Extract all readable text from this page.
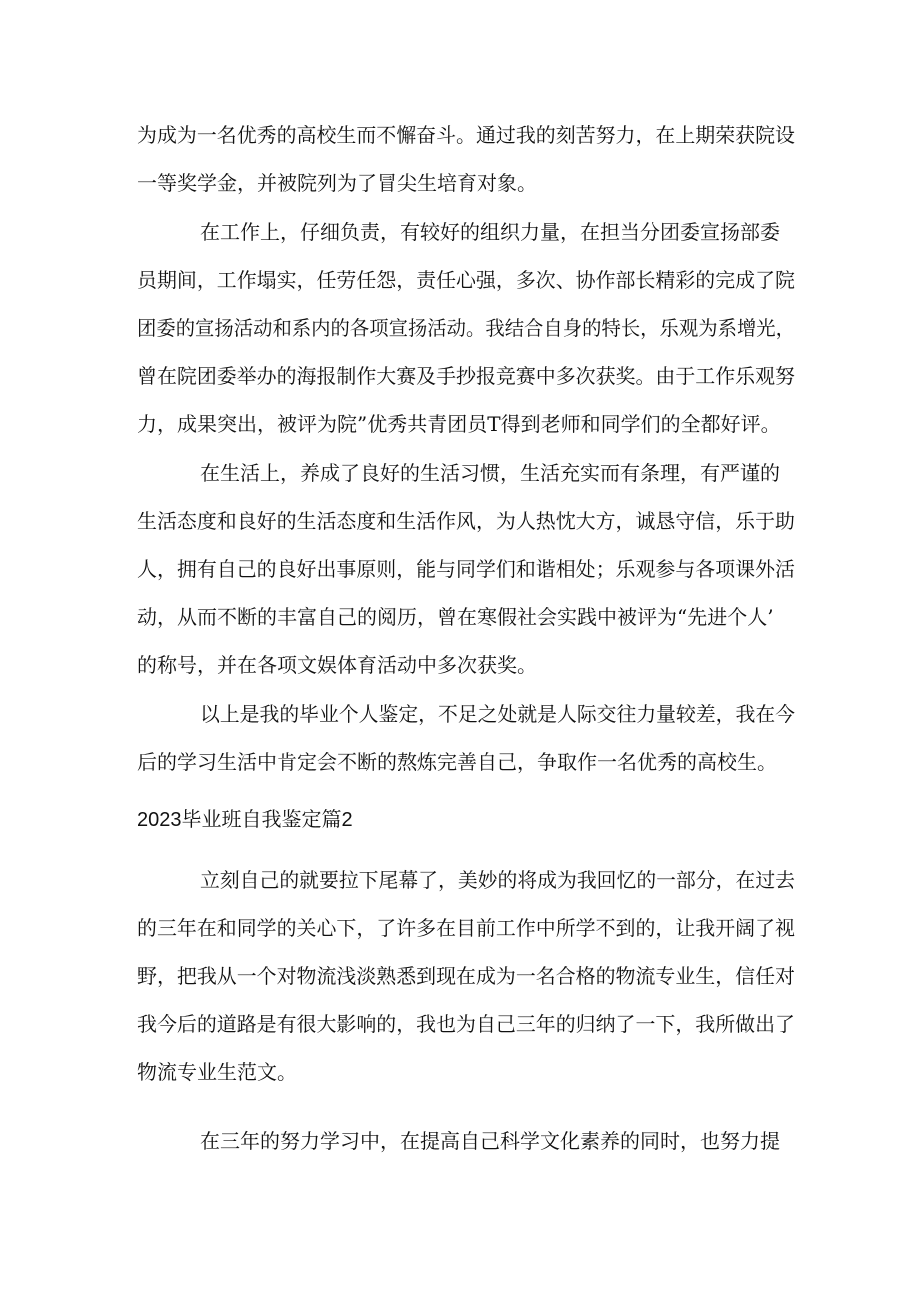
为成为一名优秀的高校生而不懈奋斗。通过我的刻苦努力，在上期荣获院设
一等奖学金，并被院列为了冒尖生培育对象。
在工作上，仔细负责，有较好的组织力量，在担当分团委宣扬部委
员期间，工作塌实，任劳任怨，责任心强，多次、协作部长精彩的完成了院
团委的宣扬活动和系内的各项宣扬活动。我结合自身的特长，乐观为系增光，
曾在院团委举办的海报制作大赛及手抄报竞赛中多次获奖。由于工作乐观努
力，成果突出，被评为院”优秀共青团员T得到老师和同学们的全都好评。
在生活上，养成了良好的生活习惯，生活充实而有条理，有严谨的
生活态度和良好的生活态度和生活作风，为人热忱大方，诚恳守信，乐于助
人，拥有自己的良好出事原则，能与同学们和谐相处；乐观参与各项课外活
动，从而不断的丰富自己的阅历，曾在寒假社会实践中被评为“先进个人’
的称号，并在各项文娱体育活动中多次获奖。
以上是我的毕业个人鉴定，不足之处就是人际交往力量较差，我在今
后的学习生活中肯定会不断的熬炼完善自己，争取作一名优秀的高校生。
2023毕业班自我鉴定篇2
立刻自己的就要拉下尾幕了，美妙的将成为我回忆的一部分，在过去
的三年在和同学的关心下，了许多在目前工作中所学不到的，让我开阔了视
野，把我从一个对物流浅淡熟悉到现在成为一名合格的物流专业生，信任对
我今后的道路是有很大影响的，我也为自己三年的归纳了一下，我所做出了
物流专业生范文。
在三年的努力学习中，在提高自己科学文化素养的同时，也努力提
